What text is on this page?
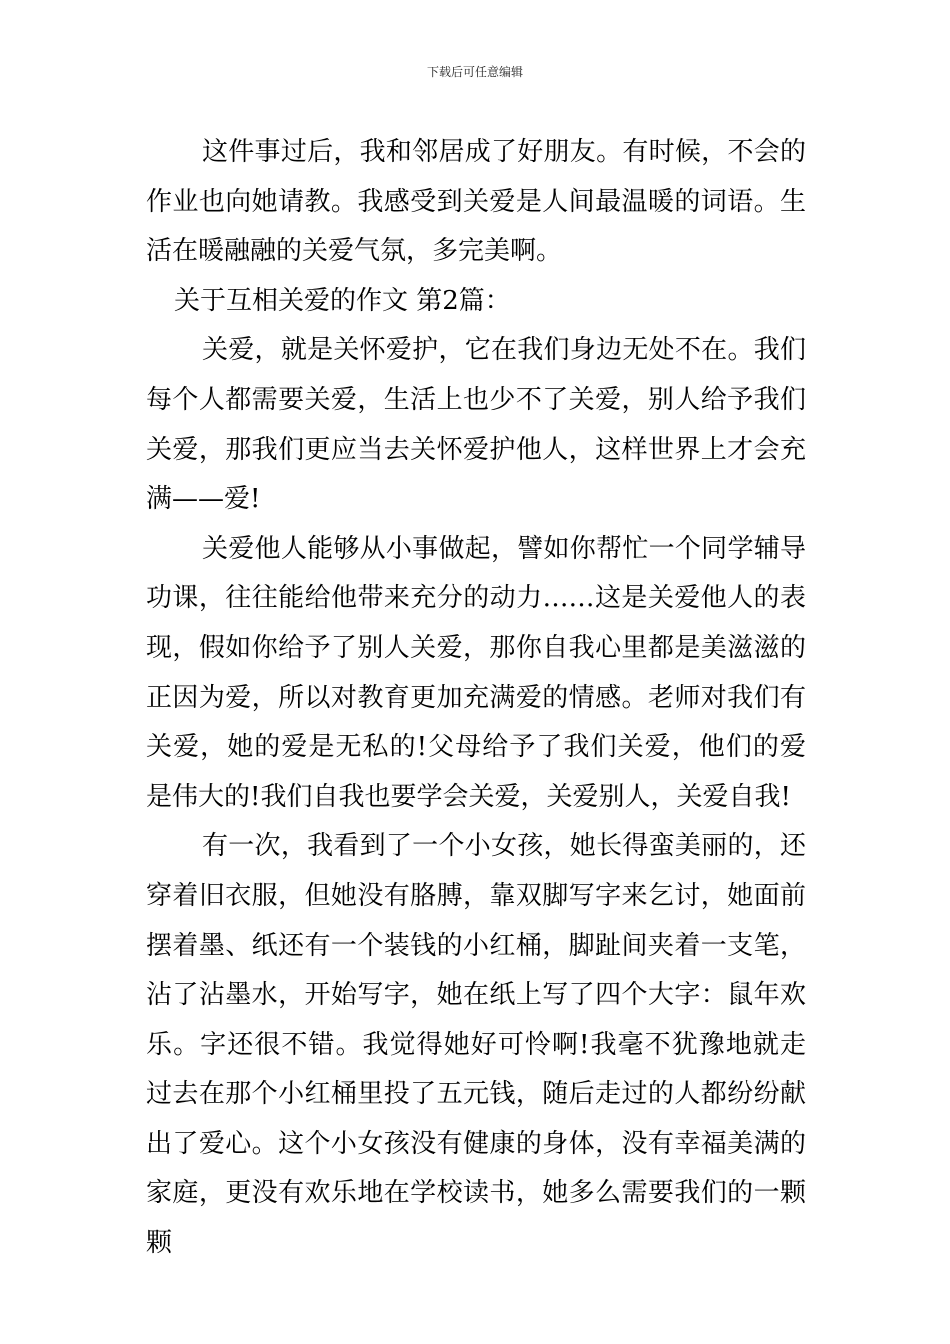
下载后可任意编辑

这件事过后，我和邻居成了好朋友。有时候，不会的作业也向她请教。我感受到关爱是人间最温暖的词语。生活在暖融融的关爱气氛，多完美啊。

关于互相关爱的作文 第2篇：

关爱，就是关怀爱护，它在我们身边无处不在。我们每个人都需要关爱，生活上也少不了关爱，别人给予我们关爱，那我们更应当去关怀爱护他人，这样世界上才会充满——爱!

关爱他人能够从小事做起，譬如你帮忙一个同学辅导功课，往往能给他带来充分的动力……这是关爱他人的表现，假如你给予了别人关爱，那你自我心里都是美滋滋的正因为爱，所以对教育更加充满爱的情感。老师对我们有关爱，她的爱是无私的!父母给予了我们关爱，他们的爱是伟大的!我们自我也要学会关爱，关爱别人，关爱自我!

有一次，我看到了一个小女孩，她长得蛮美丽的，还穿着旧衣服，但她没有胳膊，靠双脚写字来乞讨，她面前摆着墨、纸还有一个装钱的小红桶，脚趾间夹着一支笔，沾了沾墨水，开始写字，她在纸上写了四个大字：鼠年欢乐。字还很不错。我觉得她好可怜啊!我毫不犹豫地就走过去在那个小红桶里投了五元钱，随后走过的人都纷纷献出了爱心。这个小女孩没有健康的身体，没有幸福美满的家庭，更没有欢乐地在学校读书，她多么需要我们的一颗颗
